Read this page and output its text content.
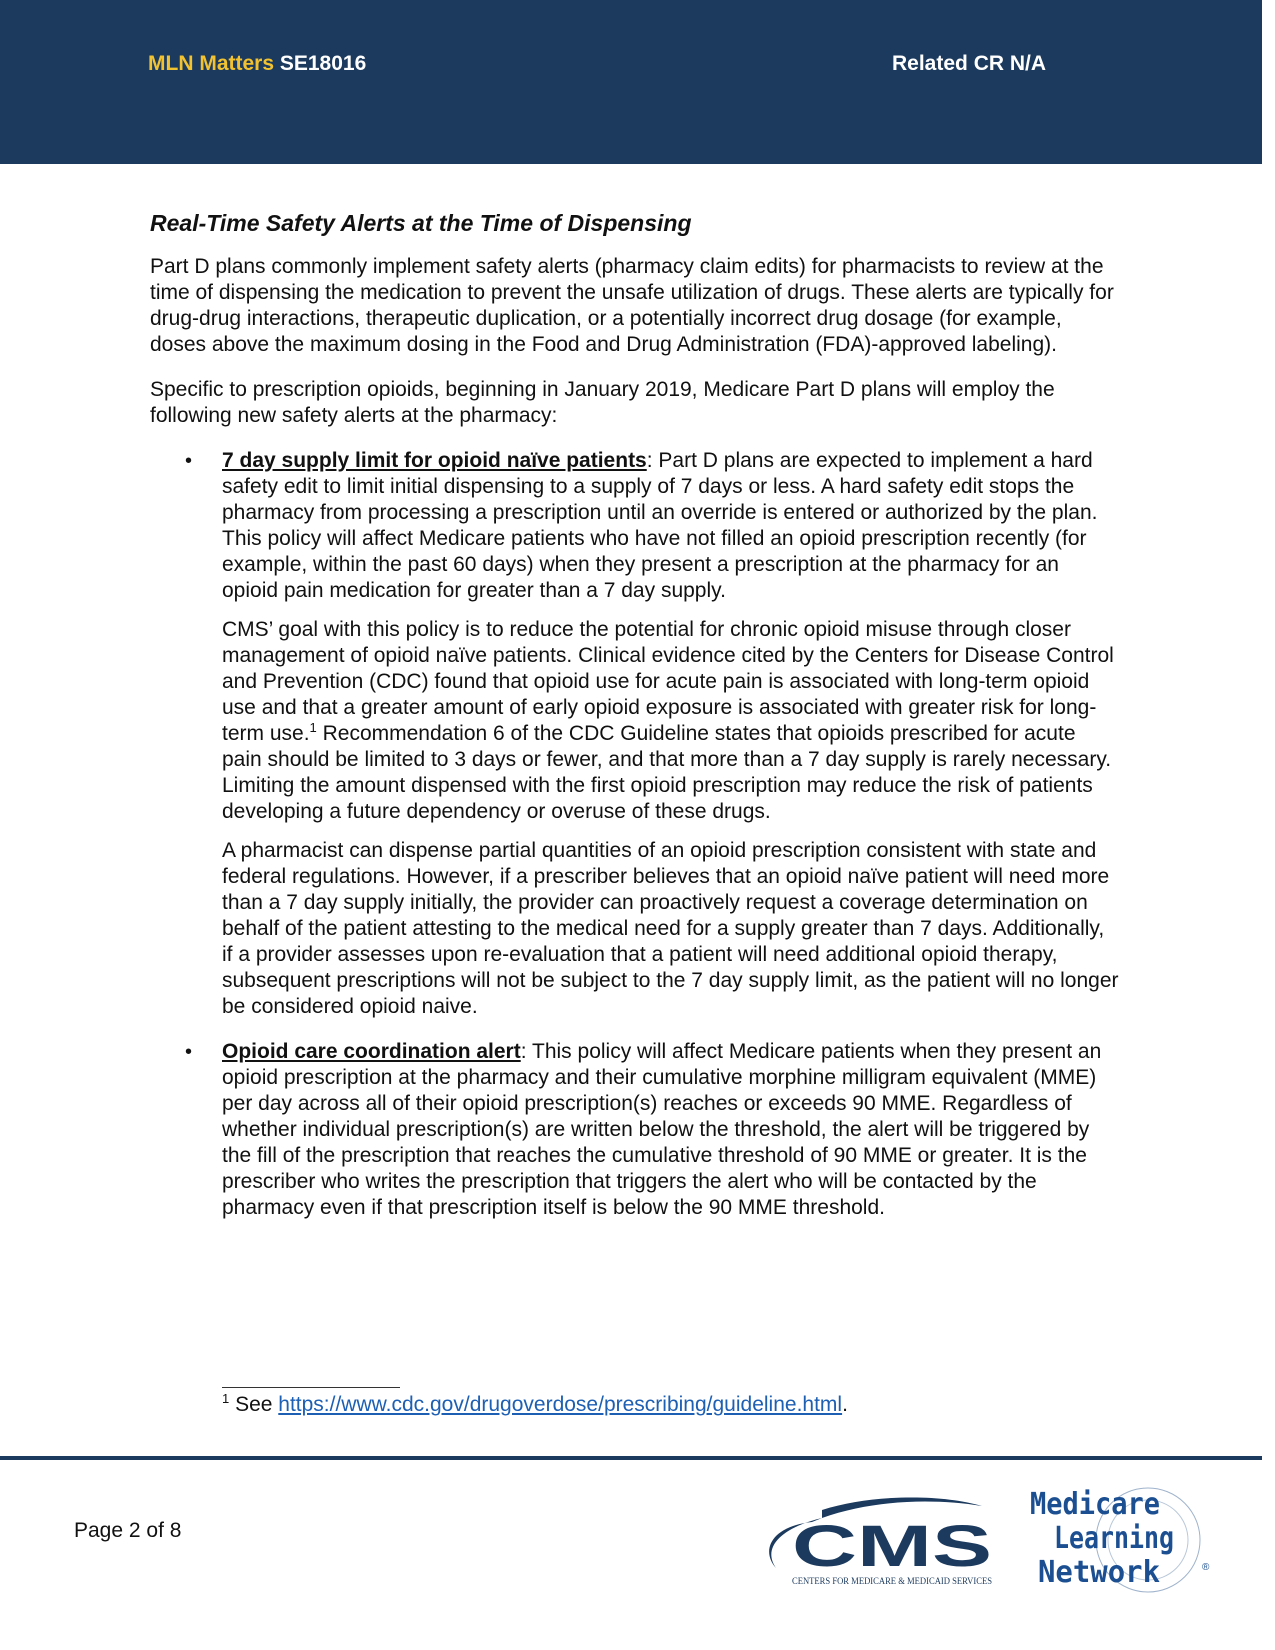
MLN Matters SE18016	Related CR N/A
Real-Time Safety Alerts at the Time of Dispensing

Part D plans commonly implement safety alerts (pharmacy claim edits) for pharmacists to review at the time of dispensing the medication to prevent the unsafe utilization of drugs. These alerts are typically for drug-drug interactions, therapeutic duplication, or a potentially incorrect drug dosage (for example, doses above the maximum dosing in the Food and Drug Administration (FDA)-approved labeling).

Specific to prescription opioids, beginning in January 2019, Medicare Part D plans will employ the following new safety alerts at the pharmacy:

• 7 day supply limit for opioid naïve patients: Part D plans are expected to implement a hard safety edit to limit initial dispensing to a supply of 7 days or less. A hard safety edit stops the pharmacy from processing a prescription until an override is entered or authorized by the plan. This policy will affect Medicare patients who have not filled an opioid prescription recently (for example, within the past 60 days) when they present a prescription at the pharmacy for an opioid pain medication for greater than a 7 day supply.

CMS’ goal with this policy is to reduce the potential for chronic opioid misuse through closer management of opioid naïve patients. Clinical evidence cited by the Centers for Disease Control and Prevention (CDC) found that opioid use for acute pain is associated with long-term opioid use and that a greater amount of early opioid exposure is associated with greater risk for long-term use.$^1$ Recommendation 6 of the CDC Guideline states that opioids prescribed for acute pain should be limited to 3 days or fewer, and that more than a 7 day supply is rarely necessary. Limiting the amount dispensed with the first opioid prescription may reduce the risk of patients developing a future dependency or overuse of these drugs.

A pharmacist can dispense partial quantities of an opioid prescription consistent with state and federal regulations. However, if a prescriber believes that an opioid naïve patient will need more than a 7 day supply initially, the provider can proactively request a coverage determination on behalf of the patient attesting to the medical need for a supply greater than 7 days. Additionally, if a provider assesses upon re-evaluation that a patient will need additional opioid therapy, subsequent prescriptions will not be subject to the 7 day supply limit, as the patient will no longer be considered opioid naive.

• Opioid care coordination alert: This policy will affect Medicare patients when they present an opioid prescription at the pharmacy and their cumulative morphine milligram equivalent (MME) per day across all of their opioid prescription(s) reaches or exceeds 90 MME. Regardless of whether individual prescription(s) are written below the threshold, the alert will be triggered by the fill of the prescription that reaches the cumulative threshold of 90 MME or greater. It is the prescriber who writes the prescription that triggers the alert who will be contacted by the pharmacy even if that prescription itself is below the 90 MME threshold.

$^1$ See https://www.cdc.gov/drugoverdose/prescribing/guideline.html.
Page 2 of 8	CMS
CENTERS FOR MEDICARE & MEDICAID SERVICES
Medicare
Learning
Network	®
